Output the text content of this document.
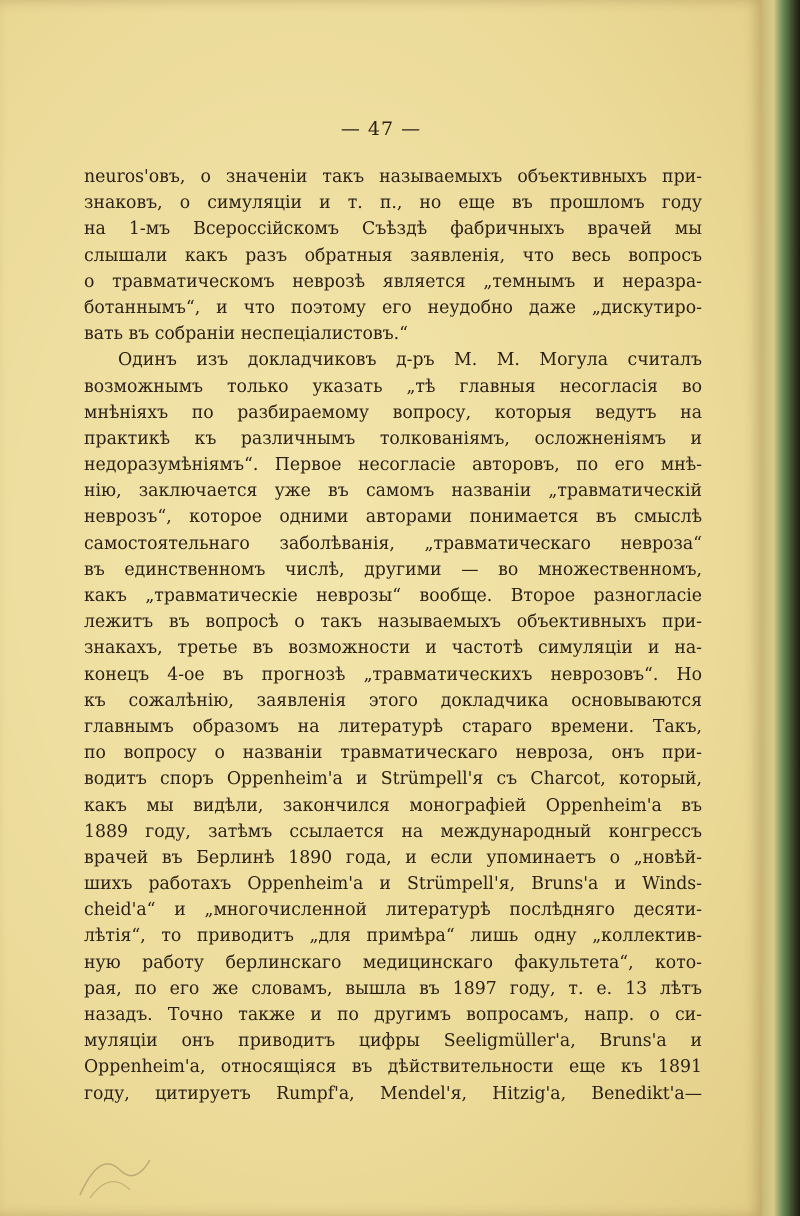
— 47 —
neuros'овъ, о значеніи такъ называемыхъ объективныхъ при-
знаковъ, о симуляціи и т. п., но еще въ прошломъ году
на 1-мъ Всероссійскомъ Съѣздѣ фабричныхъ врачей мы
слышали какъ разъ обратныя заявленія, что весь вопросъ
о травматическомъ неврозѣ является „темнымъ и неразра-
ботаннымъ“, и что поэтому его неудобно даже „дискутиро-
вать въ собраніи неспеціалистовъ.“
Одинъ изъ докладчиковъ д-ръ М. М. Могула считалъ
возможнымъ только указать „тѣ главныя несогласія во
мнѣніяхъ по разбираемому вопросу, которыя ведутъ на
практикѣ къ различнымъ толкованіямъ, осложненіямъ и
недоразумѣніямъ“. Первое несогласіе авторовъ, по его мнѣ-
нію, заключается уже въ самомъ названіи „травматическій
неврозъ“, которое одними авторами понимается въ смыслѣ
самостоятельнаго заболѣванія, „травматическаго невроза“
въ единственномъ числѣ, другими — во множественномъ,
какъ „травматическіе неврозы“ вообще. Второе разногласіе
лежитъ въ вопросѣ о такъ называемыхъ объективныхъ при-
знакахъ, третье въ возможности и частотѣ симуляціи и на-
конецъ 4-ое въ прогнозѣ „травматическихъ неврозовъ“. Но
къ сожалѣнію, заявленія этого докладчика основываются
главнымъ образомъ на литературѣ стараго времени. Такъ,
по вопросу о названіи травматическаго невроза, онъ при-
водитъ споръ Oppenheim'а и Strümpell'я съ Charcot, который,
какъ мы видѣли, закончился монографіей Oppenheim'а въ
1889 году, затѣмъ ссылается на международный конгрессъ
врачей въ Берлинѣ 1890 года, и если упоминаетъ о „новѣй-
шихъ работахъ Oppenheim'а и Strümpell'я, Bruns'а и Winds-
cheid'а“ и „многочисленной литературѣ послѣдняго десяти-
лѣтія“, то приводитъ „для примѣра“ лишь одну „коллектив-
ную работу берлинскаго медицинскаго факультета“, кото-
рая, по его же словамъ, вышла въ 1897 году, т. е. 13 лѣтъ
назадъ. Точно также и по другимъ вопросамъ, напр. о си-
муляціи онъ приводитъ цифры Seeligmüller'а, Bruns'а и
Oppenheim'а, относящіяся въ дѣйствительности еще къ 1891
году, цитируетъ Rumpf'а, Mendel'я, Hitzig'а, Benedikt'а—
